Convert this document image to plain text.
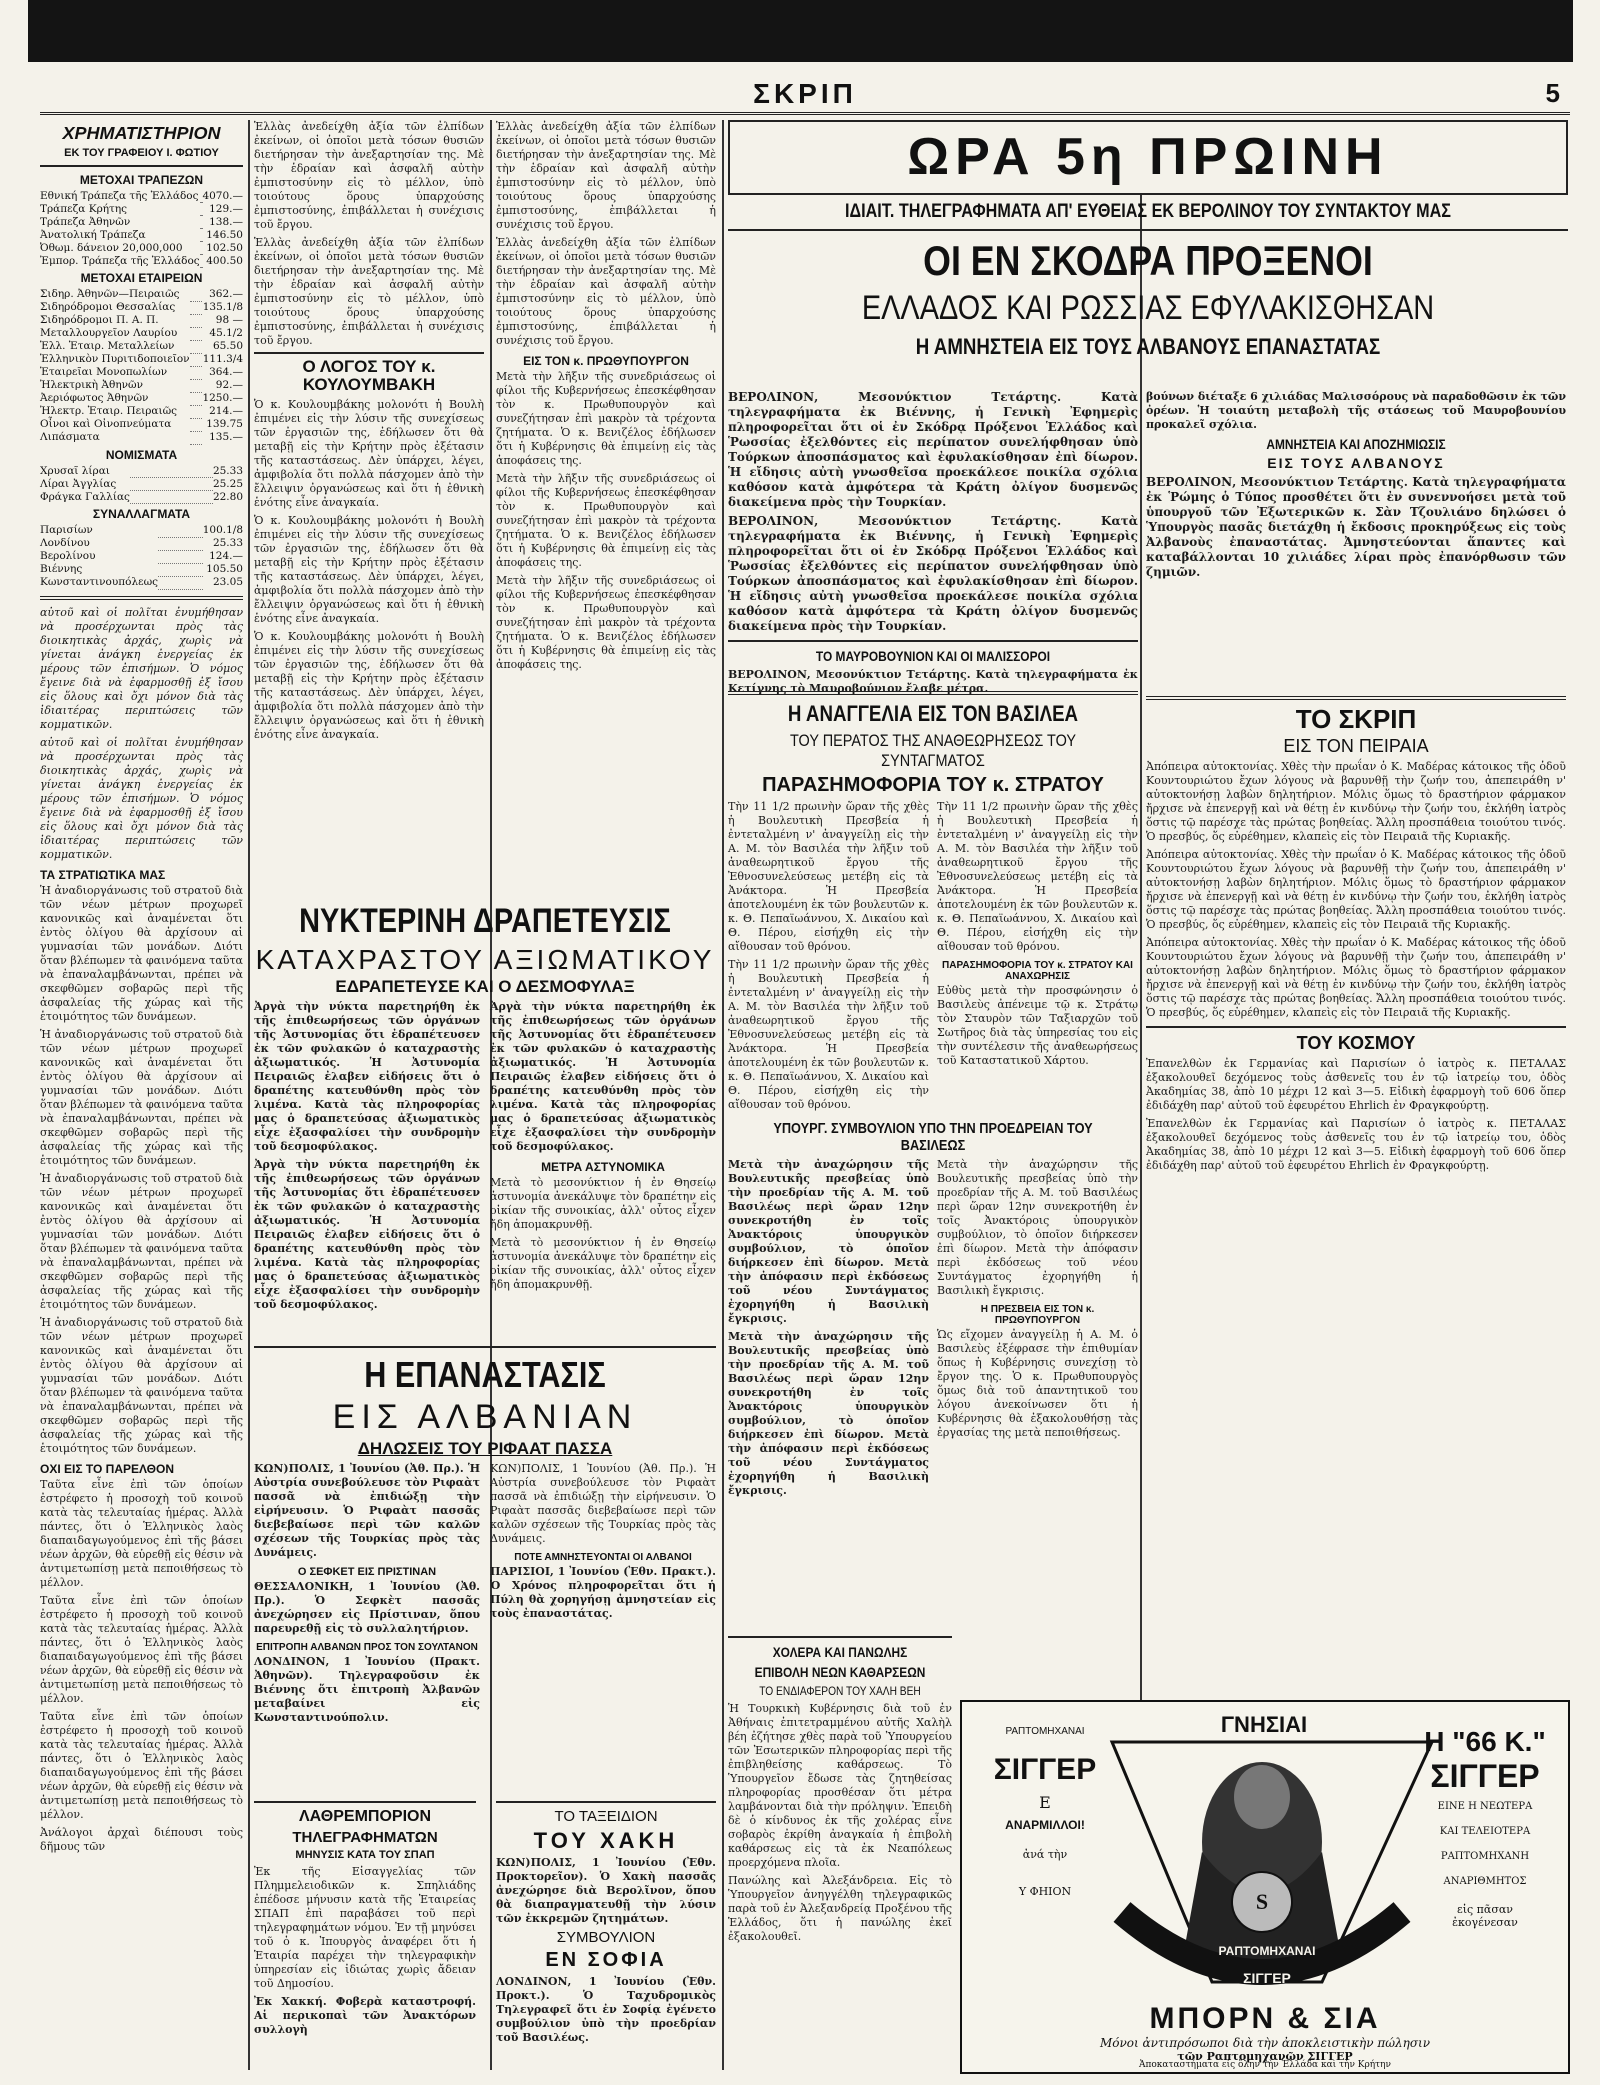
ΣΚΡΙΠ	5
ΧΡΗΜΑΤΙΣΤΗΡΙΟΝ
ΕΚ ΤΟΥ ΓΡΑΦΕΙΟΥ Ι. ΦΩΤΙΟΥ
ΜΕΤΟΧΑΙ ΤΡΑΠΕΖΩΝ
Εθνική Τράπεζα τῆς Ἑλλάδος		4070.—
Τράπεζα Κρήτης		129.—
Τράπεζα Ἀθηνῶν		138.—
Ἀνατολική Τράπεζα		146.50
Ὀθωμ. δάνειον 20,000,000		102.50
Ἐμπορ. Τράπεζα τῆς Ἑλλάδος		400.50
ΜΕΤΟΧΑΙ ΕΤΑΙΡΕΙΩΝ
Σιδηρ. Ἀθηνῶν—Πειραιῶς		362.—
Σιδηρόδρομοι Θεσσαλίας		135.1/8
Σιδηρόδρομοι Π. Α. Π.		98 —
Μεταλλουργεῖον Λαυρίου		45.1/2
Ἑλλ. Ἑταιρ. Μεταλλείων		65.50
Ἑλληνικὸν Πυριτιδοποιεῖον		111.3/4
Ἑταιρεῖαι Μονοπωλίων		364.—
Ἠλεκτρικὴ Ἀθηνῶν		92.—
Ἀεριόφωτος Ἀθηνῶν		1250.—
Ἠλεκτρ. Ἑταιρ. Πειραιῶς		214.—
Οἶνοι καὶ Οἰνοπνεύματα		139.75
Λιπάσματα		135.—
ΝΟΜΙΣΜΑΤΑ
Χρυσαῖ λίραι		25.33
Λίραι Ἀγγλίας		25.25
Φράγκα Γαλλίας		22.80
ΣΥΝΑΛΛΑΓΜΑΤΑ
Παρισίων		100.1/8
Λονδίνου		25.33
Βερολίνου		124.—
Βιέννης		105.50
Κωνσταντινουπόλεως		23.05

αὐτοῦ καὶ οἱ πολῖται ἐνυμήθησαν νὰ προσέρχωνται πρὸς τὰς διοικητικὰς ἀρχάς, χωρὶς νὰ γίνεται ἀνάγκη ἐνεργείας ἐκ μέρους τῶν ἐπισήμων. Ὁ νόμος ἔγεινε διὰ νὰ ἐφαρμοσθῇ ἐξ ἴσου εἰς ὅλους καὶ ὄχι μόνον διὰ τὰς ἰδιαιτέρας περιπτώσεις τῶν κομματικῶν.

αὐτοῦ καὶ οἱ πολῖται ἐνυμήθησαν νὰ προσέρχωνται πρὸς τὰς διοικητικὰς ἀρχάς, χωρὶς νὰ γίνεται ἀνάγκη ἐνεργείας ἐκ μέρους τῶν ἐπισήμων. Ὁ νόμος ἔγεινε διὰ νὰ ἐφαρμοσθῇ ἐξ ἴσου εἰς ὅλους καὶ ὄχι μόνον διὰ τὰς ἰδιαιτέρας περιπτώσεις τῶν κομματικῶν.

ΤΑ ΣΤΡΑΤΙΩΤΙΚΑ ΜΑΣ

Ἡ ἀναδιοργάνωσις τοῦ στρατοῦ διὰ τῶν νέων μέτρων προχωρεῖ κανονικῶς καὶ ἀναμένεται ὅτι ἐντὸς ὀλίγου θὰ ἀρχίσουν αἱ γυμνασίαι τῶν μονάδων. Διότι ὅταν βλέπωμεν τὰ φαινόμενα ταῦτα νὰ ἐπαναλαμβάνωνται, πρέπει νὰ σκεφθῶμεν σοβαρῶς περὶ τῆς ἀσφαλείας τῆς χώρας καὶ τῆς ἑτοιμότητος τῶν δυνάμεων.

Ἡ ἀναδιοργάνωσις τοῦ στρατοῦ διὰ τῶν νέων μέτρων προχωρεῖ κανονικῶς καὶ ἀναμένεται ὅτι ἐντὸς ὀλίγου θὰ ἀρχίσουν αἱ γυμνασίαι τῶν μονάδων. Διότι ὅταν βλέπωμεν τὰ φαινόμενα ταῦτα νὰ ἐπαναλαμβάνωνται, πρέπει νὰ σκεφθῶμεν σοβαρῶς περὶ τῆς ἀσφαλείας τῆς χώρας καὶ τῆς ἑτοιμότητος τῶν δυνάμεων.

Ἡ ἀναδιοργάνωσις τοῦ στρατοῦ διὰ τῶν νέων μέτρων προχωρεῖ κανονικῶς καὶ ἀναμένεται ὅτι ἐντὸς ὀλίγου θὰ ἀρχίσουν αἱ γυμνασίαι τῶν μονάδων. Διότι ὅταν βλέπωμεν τὰ φαινόμενα ταῦτα νὰ ἐπαναλαμβάνωνται, πρέπει νὰ σκεφθῶμεν σοβαρῶς περὶ τῆς ἀσφαλείας τῆς χώρας καὶ τῆς ἑτοιμότητος τῶν δυνάμεων.

Ἡ ἀναδιοργάνωσις τοῦ στρατοῦ διὰ τῶν νέων μέτρων προχωρεῖ κανονικῶς καὶ ἀναμένεται ὅτι ἐντὸς ὀλίγου θὰ ἀρχίσουν αἱ γυμνασίαι τῶν μονάδων. Διότι ὅταν βλέπωμεν τὰ φαινόμενα ταῦτα νὰ ἐπαναλαμβάνωνται, πρέπει νὰ σκεφθῶμεν σοβαρῶς περὶ τῆς ἀσφαλείας τῆς χώρας καὶ τῆς ἑτοιμότητος τῶν δυνάμεων.

ΟΧΙ ΕΙΣ ΤΟ ΠΑΡΕΛΘΟΝ

Ταῦτα εἶνε ἐπὶ τῶν ὁποίων ἐστρέφετο ἡ προσοχὴ τοῦ κοινοῦ κατὰ τὰς τελευταίας ἡμέρας. Ἀλλὰ πάντες, ὅτι ὁ Ἑλληνικὸς λαὸς διαπαιδαγωγούμενος ἐπὶ τῆς βάσει νέων ἀρχῶν, θὰ εὑρεθῇ εἰς θέσιν νὰ ἀντιμετωπίσῃ μετὰ πεποιθήσεως τὸ μέλλον.

Ταῦτα εἶνε ἐπὶ τῶν ὁποίων ἐστρέφετο ἡ προσοχὴ τοῦ κοινοῦ κατὰ τὰς τελευταίας ἡμέρας. Ἀλλὰ πάντες, ὅτι ὁ Ἑλληνικὸς λαὸς διαπαιδαγωγούμενος ἐπὶ τῆς βάσει νέων ἀρχῶν, θὰ εὑρεθῇ εἰς θέσιν νὰ ἀντιμετωπίσῃ μετὰ πεποιθήσεως τὸ μέλλον.

Ταῦτα εἶνε ἐπὶ τῶν ὁποίων ἐστρέφετο ἡ προσοχὴ τοῦ κοινοῦ κατὰ τὰς τελευταίας ἡμέρας. Ἀλλὰ πάντες, ὅτι ὁ Ἑλληνικὸς λαὸς διαπαιδαγωγούμενος ἐπὶ τῆς βάσει νέων ἀρχῶν, θὰ εὑρεθῇ εἰς θέσιν νὰ ἀντιμετωπίσῃ μετὰ πεποιθήσεως τὸ μέλλον.

Ἀνάλογοι ἀρχαὶ διέπουσι τοὺς δῆμους τῶν

Ἑλλὰς ἀνεδείχθη ἀξία τῶν ἐλπίδων ἐκείνων, οἱ ὁποῖοι μετὰ τόσων θυσιῶν διετήρησαν τὴν ἀνεξαρτησίαν της. Μὲ τὴν ἑδραίαν καὶ ἀσφαλῆ αὐτὴν ἐμπιστοσύνην εἰς τὸ μέλλον, ὑπὸ τοιούτους ὅρους ὑπαρχούσης ἐμπιστοσύνης, ἐπιβάλλεται ἡ συνέχισις τοῦ ἔργου.

Ἑλλὰς ἀνεδείχθη ἀξία τῶν ἐλπίδων ἐκείνων, οἱ ὁποῖοι μετὰ τόσων θυσιῶν διετήρησαν τὴν ἀνεξαρτησίαν της. Μὲ τὴν ἑδραίαν καὶ ἀσφαλῆ αὐτὴν ἐμπιστοσύνην εἰς τὸ μέλλον, ὑπὸ τοιούτους ὅρους ὑπαρχούσης ἐμπιστοσύνης, ἐπιβάλλεται ἡ συνέχισις τοῦ ἔργου.

Ο ΛΟΓΟΣ ΤΟΥ κ. ΚΟΥΛΟΥΜΒΑΚΗ

Ὁ κ. Κουλουμβάκης μολονότι ἡ Βουλὴ ἐπιμένει εἰς τὴν λύσιν τῆς συνεχίσεως τῶν ἐργασιῶν της, ἐδήλωσεν ὅτι θὰ μεταβῇ εἰς τὴν Κρήτην πρὸς ἐξέτασιν τῆς καταστάσεως. Δὲν ὑπάρχει, λέγει, ἀμφιβολία ὅτι πολλὰ πάσχομεν ἀπὸ τὴν ἔλλειψιν ὀργανώσεως καὶ ὅτι ἡ ἐθνικὴ ἑνότης εἶνε ἀναγκαία.

Ὁ κ. Κουλουμβάκης μολονότι ἡ Βουλὴ ἐπιμένει εἰς τὴν λύσιν τῆς συνεχίσεως τῶν ἐργασιῶν της, ἐδήλωσεν ὅτι θὰ μεταβῇ εἰς τὴν Κρήτην πρὸς ἐξέτασιν τῆς καταστάσεως. Δὲν ὑπάρχει, λέγει, ἀμφιβολία ὅτι πολλὰ πάσχομεν ἀπὸ τὴν ἔλλειψιν ὀργανώσεως καὶ ὅτι ἡ ἐθνικὴ ἑνότης εἶνε ἀναγκαία.

Ὁ κ. Κουλουμβάκης μολονότι ἡ Βουλὴ ἐπιμένει εἰς τὴν λύσιν τῆς συνεχίσεως τῶν ἐργασιῶν της, ἐδήλωσεν ὅτι θὰ μεταβῇ εἰς τὴν Κρήτην πρὸς ἐξέτασιν τῆς καταστάσεως. Δὲν ὑπάρχει, λέγει, ἀμφιβολία ὅτι πολλὰ πάσχομεν ἀπὸ τὴν ἔλλειψιν ὀργανώσεως καὶ ὅτι ἡ ἐθνικὴ ἑνότης εἶνε ἀναγκαία.

Ἑλλὰς ἀνεδείχθη ἀξία τῶν ἐλπίδων ἐκείνων, οἱ ὁποῖοι μετὰ τόσων θυσιῶν διετήρησαν τὴν ἀνεξαρτησίαν της. Μὲ τὴν ἑδραίαν καὶ ἀσφαλῆ αὐτὴν ἐμπιστοσύνην εἰς τὸ μέλλον, ὑπὸ τοιούτους ὅρους ὑπαρχούσης ἐμπιστοσύνης, ἐπιβάλλεται ἡ συνέχισις τοῦ ἔργου.

Ἑλλὰς ἀνεδείχθη ἀξία τῶν ἐλπίδων ἐκείνων, οἱ ὁποῖοι μετὰ τόσων θυσιῶν διετήρησαν τὴν ἀνεξαρτησίαν της. Μὲ τὴν ἑδραίαν καὶ ἀσφαλῆ αὐτὴν ἐμπιστοσύνην εἰς τὸ μέλλον, ὑπὸ τοιούτους ὅρους ὑπαρχούσης ἐμπιστοσύνης, ἐπιβάλλεται ἡ συνέχισις τοῦ ἔργου.

ΕΙΣ ΤΟΝ κ. ΠΡΩΘΥΠΟΥΡΓΟΝ

Μετὰ τὴν λῆξιν τῆς συνεδριάσεως οἱ φίλοι τῆς Κυβερνήσεως ἐπεσκέφθησαν τὸν κ. Πρωθυπουργὸν καὶ συνεζήτησαν ἐπὶ μακρὸν τὰ τρέχοντα ζητήματα. Ὁ κ. Βενιζέλος ἐδήλωσεν ὅτι ἡ Κυβέρνησις θὰ ἐπιμείνῃ εἰς τὰς ἀποφάσεις της.

Μετὰ τὴν λῆξιν τῆς συνεδριάσεως οἱ φίλοι τῆς Κυβερνήσεως ἐπεσκέφθησαν τὸν κ. Πρωθυπουργὸν καὶ συνεζήτησαν ἐπὶ μακρὸν τὰ τρέχοντα ζητήματα. Ὁ κ. Βενιζέλος ἐδήλωσεν ὅτι ἡ Κυβέρνησις θὰ ἐπιμείνῃ εἰς τὰς ἀποφάσεις της.

Μετὰ τὴν λῆξιν τῆς συνεδριάσεως οἱ φίλοι τῆς Κυβερνήσεως ἐπεσκέφθησαν τὸν κ. Πρωθυπουργὸν καὶ συνεζήτησαν ἐπὶ μακρὸν τὰ τρέχοντα ζητήματα. Ὁ κ. Βενιζέλος ἐδήλωσεν ὅτι ἡ Κυβέρνησις θὰ ἐπιμείνῃ εἰς τὰς ἀποφάσεις της.

ΝΥΚΤΕΡΙΝΗ ΔΡΑΠΕΤΕΥΣΙΣ
ΚΑΤΑΧΡΑΣΤΟΥ ΑΞΙΩΜΑΤΙΚΟΥ
ΕΔΡΑΠΕΤΕΥΣΕ ΚΑΙ Ο ΔΕΣΜΟΦΥΛΑΞ

Ἀργὰ τὴν νύκτα παρετηρήθη ἐκ τῆς ἐπιθεωρήσεως τῶν ὀργάνων τῆς Ἀστυνομίας ὅτι ἐδραπέτευσεν ἐκ τῶν φυλακῶν ὁ καταχραστὴς ἀξιωματικός. Ἡ Ἀστυνομία Πειραιῶς ἐλαβεν εἰδήσεις ὅτι ὁ δραπέτης κατευθύνθη πρὸς τὸν λιμένα. Κατὰ τὰς πληροφορίας μας ὁ δραπετεύσας ἀξιωματικὸς εἶχε ἐξασφαλίσει τὴν συνδρομὴν τοῦ δεσμοφύλακος.

Ἀργὰ τὴν νύκτα παρετηρήθη ἐκ τῆς ἐπιθεωρήσεως τῶν ὀργάνων τῆς Ἀστυνομίας ὅτι ἐδραπέτευσεν ἐκ τῶν φυλακῶν ὁ καταχραστὴς ἀξιωματικός. Ἡ Ἀστυνομία Πειραιῶς ἐλαβεν εἰδήσεις ὅτι ὁ δραπέτης κατευθύνθη πρὸς τὸν λιμένα. Κατὰ τὰς πληροφορίας μας ὁ δραπετεύσας ἀξιωματικὸς εἶχε ἐξασφαλίσει τὴν συνδρομὴν τοῦ δεσμοφύλακος.

Ἀργὰ τὴν νύκτα παρετηρήθη ἐκ τῆς ἐπιθεωρήσεως τῶν ὀργάνων τῆς Ἀστυνομίας ὅτι ἐδραπέτευσεν ἐκ τῶν φυλακῶν ὁ καταχραστὴς ἀξιωματικός. Ἡ Ἀστυνομία Πειραιῶς ἐλαβεν εἰδήσεις ὅτι ὁ δραπέτης κατευθύνθη πρὸς τὸν λιμένα. Κατὰ τὰς πληροφορίας μας ὁ δραπετεύσας ἀξιωματικὸς εἶχε ἐξασφαλίσει τὴν συνδρομὴν τοῦ δεσμοφύλακος.

ΜΕΤΡΑ ΑΣΤΥΝΟΜΙΚΑ

Μετὰ τὸ μεσονύκτιον ἡ ἐν Θησείῳ ἀστυνομία ἀνεκάλυψε τὸν δραπέτην εἰς οἰκίαν τῆς συνοικίας, ἀλλ' οὗτος εἶχεν ἤδη ἀπομακρυνθῇ.

Μετὰ τὸ μεσονύκτιον ἡ ἐν Θησείῳ ἀστυνομία ἀνεκάλυψε τὸν δραπέτην εἰς οἰκίαν τῆς συνοικίας, ἀλλ' οὗτος εἶχεν ἤδη ἀπομακρυνθῇ.

Η ΕΠΑΝΑΣΤΑΣΙΣ
ΕΙΣ ΑΛΒΑΝΙΑΝ
ΔΗΛΩΣΕΙΣ ΤΟΥ ΡΙΦΑΑΤ ΠΑΣΣΑ

ΚΩΝ)ΠΟΛΙΣ, 1 Ἰουνίου (Ἀθ. Πρ.). Ἡ Αὐστρία συνεβούλευσε τὸν Ριφαὰτ πασσᾶ νὰ ἐπιδιώξῃ τὴν εἰρήνευσιν. Ὁ Ριφαὰτ πασσᾶς διεβεβαίωσε περὶ τῶν καλῶν σχέσεων τῆς Τουρκίας πρὸς τὰς Δυνάμεις.

Ο ΣΕΦΚΕΤ ΕΙΣ ΠΡΙΣΤΙΝΑΝ

ΘΕΣΣΑΛΟΝΙΚΗ, 1 Ἰουνίου (Ἀθ. Πρ.). Ὁ Σεφκὲτ πασσᾶς ἀνεχώρησεν εἰς Πρίστιναν, ὅπου παρευρεθῇ εἰς τὸ συλλαλητήριον.

ΕΠΙΤΡΟΠΗ ΑΛΒΑΝΩΝ ΠΡΟΣ ΤΟΝ ΣΟΥΛΤΑΝΟΝ

ΛΟΝΔΙΝΟΝ, 1 Ἰουνίου (Πρακτ. Ἀθηνῶν). Τηλεγραφοῦσιν ἐκ Βιέννης ὅτι ἐπιτροπὴ Ἀλβανῶν μεταβαίνει εἰς Κωνσταντινούπολιν.

ΚΩΝ)ΠΟΛΙΣ, 1 Ἰουνίου (Ἀθ. Πρ.). Ἡ Αὐστρία συνεβούλευσε τὸν Ριφαὰτ πασσᾶ νὰ ἐπιδιώξῃ τὴν εἰρήνευσιν. Ὁ Ριφαὰτ πασσᾶς διεβεβαίωσε περὶ τῶν καλῶν σχέσεων τῆς Τουρκίας πρὸς τὰς Δυνάμεις.

ΠΟΤΕ ΑΜΝΗΣΤΕΥΟΝΤΑΙ ΟΙ ΑΛΒΑΝΟΙ

ΠΑΡΙΣΙΟΙ, 1 Ἰουνίου (Ἐθν. Πρακτ.). Ὁ Χρόνος πληροφορεῖται ὅτι ἡ Πύλη θὰ χορηγήσῃ ἀμνηστείαν εἰς τοὺς ἐπαναστάτας.

ΛΑΘΡΕΜΠΟΡΙΟΝ
ΤΗΛΕΓΡΑΦΗΜΑΤΩΝ
ΜΗΝΥΣΙΣ ΚΑΤΑ ΤΟΥ ΣΠΑΠ

Ἐκ τῆς Εἰσαγγελίας τῶν Πλημμελειοδικῶν κ. Σπηλιάδης ἐπέδοσε μήνυσιν κατὰ τῆς Ἑταιρείας ΣΠΑΠ ἐπὶ παραβάσει τοῦ περὶ τηλεγραφημάτων νόμου. Ἐν τῇ μηνύσει τοῦ ὁ κ. Ἰπουργὸς ἀναφέρει ὅτι ἡ Ἑταιρία παρέχει τὴν τηλεγραφικὴν ὑπηρεσίαν εἰς ἰδιώτας χωρὶς ἄδειαν τοῦ Δημοσίου.

Ἐκ Χακκή. Φοβερὰ καταστροφή. Αἱ περικοπαὶ τῶν Ἀνακτόρων συλλογὴ

ΤΟ ΤΑΞΕΙΔΙΟΝ
ΤΟΥ ΧΑΚΗ

ΚΩΝ)ΠΟΛΙΣ, 1 Ἰουνίου (Ἐθν. Προκτορεῖον). Ὁ Χακὴ πασσᾶς ἀνεχώρησε διὰ Βερολῖνον, ὅπου θὰ διαπραγματευθῇ τὴν λύσιν τῶν ἐκκρεμῶν ζητημάτων.

ΣΥΜΒΟΥΛΙΟΝ
ΕΝ ΣΟΦΙΑ

ΛΟΝΔΙΝΟΝ, 1 Ἰουνίου (Ἐθν. Προκτ.). Ὁ Ταχυδρομικὸς Τηλεγραφεῖ ὅτι ἐν Σοφίᾳ ἐγένετο συμβούλιον ὑπὸ τὴν προεδρίαν τοῦ Βασιλέως.

ΩΡΑ 5η ΠΡΩΙΝΗ
ΙΔΙΑΙΤ. ΤΗΛΕΓΡΑΦΗΜΑΤΑ ΑΠ' ΕΥΘΕΙΑΣ ΕΚ ΒΕΡΟΛΙΝΟΥ ΤΟΥ ΣΥΝΤΑΚΤΟΥ ΜΑΣ
ΟΙ ΕΝ ΣΚΟΔΡΑ ΠΡΟΞΕΝΟΙ
ΕΛΛΑΔΟΣ ΚΑΙ ΡΩΣΣΙΑΣ ΕΦΥΛΑΚΙΣΘΗΣΑΝ
Η ΑΜΝΗΣΤΕΙΑ ΕΙΣ ΤΟΥΣ ΑΛΒΑΝΟΥΣ ΕΠΑΝΑΣΤΑΤΑΣ

ΒΕΡΟΛΙΝΟΝ, Μεσονύκτιον Τετάρτης. Κατὰ τηλεγραφήματα ἐκ Βιέννης, ἡ Γενικὴ Ἐφημερὶς πληροφορεῖται ὅτι οἱ ἐν Σκόδρᾳ Πρόξενοι Ἑλλάδος καὶ Ῥωσσίας ἐξελθόντες εἰς περίπατον συνελήφθησαν ὑπὸ Τούρκων ἀποσπάσματος καὶ ἐφυλακίσθησαν ἐπὶ δίωρον. Ἡ εἴδησις αὐτὴ γνωσθεῖσα προεκάλεσε ποικίλα σχόλια καθόσον κατὰ ἀμφότερα τὰ Κράτη ὀλίγον δυσμενῶς διακείμενα πρὸς τὴν Τουρκίαν.

ΒΕΡΟΛΙΝΟΝ, Μεσονύκτιον Τετάρτης. Κατὰ τηλεγραφήματα ἐκ Βιέννης, ἡ Γενικὴ Ἐφημερὶς πληροφορεῖται ὅτι οἱ ἐν Σκόδρᾳ Πρόξενοι Ἑλλάδος καὶ Ῥωσσίας ἐξελθόντες εἰς περίπατον συνελήφθησαν ὑπὸ Τούρκων ἀποσπάσματος καὶ ἐφυλακίσθησαν ἐπὶ δίωρον. Ἡ εἴδησις αὐτὴ γνωσθεῖσα προεκάλεσε ποικίλα σχόλια καθόσον κατὰ ἀμφότερα τὰ Κράτη ὀλίγον δυσμενῶς διακείμενα πρὸς τὴν Τουρκίαν.

ΤΟ ΜΑΥΡΟΒΟΥΝΙΟΝ ΚΑΙ ΟΙ ΜΑΛΙΣΣΟΡΟΙ

ΒΕΡΟΛΙΝΟΝ, Μεσονύκτιον Τετάρτης. Κατὰ τηλεγραφήματα ἐκ Κετίγνης τὸ Μαυροβούνιον ἔλαβε μέτρα.

βούνων διέταξε 6 χιλιάδας Μαλισσόρους νὰ παραδοθῶσιν ἐκ τῶν ὀρέων. Ἡ τοιαύτη μεταβολὴ τῆς στάσεως τοῦ Μαυροβουνίου προκαλεῖ σχόλια.

ΑΜΝΗΣΤΕΙΑ ΚΑΙ ΑΠΟΖΗΜΙΩΣΙΣ
ΕΙΣ ΤΟΥΣ ΑΛΒΑΝΟΥΣ

ΒΕΡΟΛΙΝΟΝ, Μεσονύκτιον Τετάρτης. Κατὰ τηλεγραφήματα ἐκ Ῥώμης ὁ Τύπος προσθέτει ὅτι ἐν συνεννοήσει μετὰ τοῦ ὑπουργοῦ τῶν Ἐξωτερικῶν κ. Σὰν Τζουλιάνο δηλώσει ὁ Ὑπουργὸς πασᾶς διετάχθη ἡ ἔκδοσις προκηρύξεως εἰς τοὺς Ἀλβανοὺς ἐπαναστάτας. Ἀμνηστεύονται ἅπαντες καὶ καταβάλλονται 10 χιλιάδες λίραι πρὸς ἐπανόρθωσιν τῶν ζημιῶν.

Η ΑΝΑΓΓΕΛΙΑ ΕΙΣ ΤΟΝ ΒΑΣΙΛΕΑ
ΤΟΥ ΠΕΡΑΤΟΣ ΤΗΣ ΑΝΑΘΕΩΡΗΣΕΩΣ ΤΟΥ ΣΥΝΤΑΓΜΑΤΟΣ
ΠΑΡΑΣΗΜΟΦΟΡΙΑ ΤΟΥ κ. ΣΤΡΑΤΟΥ

Τὴν 11 1/2 πρωινὴν ὥραν τῆς χθὲς ἡ Βουλευτικὴ Πρεσβεία ἡ ἐντεταλμένη ν' ἀναγγείλῃ εἰς τὴν Α. Μ. τὸν Βασιλέα τὴν λῆξιν τοῦ ἀναθεωρητικοῦ ἔργου τῆς Ἐθνοσυνελεύσεως μετέβη εἰς τὰ Ἀνάκτορα. Ἡ Πρεσβεία ἀποτελουμένη ἐκ τῶν βουλευτῶν κ. κ. Θ. Πεπαϊωάννου, Χ. Δικαίου καὶ Θ. Πέρου, εἰσήχθη εἰς τὴν αἴθουσαν τοῦ θρόνου.

Τὴν 11 1/2 πρωινὴν ὥραν τῆς χθὲς ἡ Βουλευτικὴ Πρεσβεία ἡ ἐντεταλμένη ν' ἀναγγείλῃ εἰς τὴν Α. Μ. τὸν Βασιλέα τὴν λῆξιν τοῦ ἀναθεωρητικοῦ ἔργου τῆς Ἐθνοσυνελεύσεως μετέβη εἰς τὰ Ἀνάκτορα. Ἡ Πρεσβεία ἀποτελουμένη ἐκ τῶν βουλευτῶν κ. κ. Θ. Πεπαϊωάννου, Χ. Δικαίου καὶ Θ. Πέρου, εἰσήχθη εἰς τὴν αἴθουσαν τοῦ θρόνου.

Τὴν 11 1/2 πρωινὴν ὥραν τῆς χθὲς ἡ Βουλευτικὴ Πρεσβεία ἡ ἐντεταλμένη ν' ἀναγγείλῃ εἰς τὴν Α. Μ. τὸν Βασιλέα τὴν λῆξιν τοῦ ἀναθεωρητικοῦ ἔργου τῆς Ἐθνοσυνελεύσεως μετέβη εἰς τὰ Ἀνάκτορα. Ἡ Πρεσβεία ἀποτελουμένη ἐκ τῶν βουλευτῶν κ. κ. Θ. Πεπαϊωάννου, Χ. Δικαίου καὶ Θ. Πέρου, εἰσήχθη εἰς τὴν αἴθουσαν τοῦ θρόνου.

ΠΑΡΑΣΗΜΟΦΟΡΙΑ ΤΟΥ κ. ΣΤΡΑΤΟΥ ΚΑΙ ΑΝΑΧΩΡΗΣΙΣ

Εὐθὺς μετὰ τὴν προσφώνησιν ὁ Βασιλεὺς ἀπένειμε τῷ κ. Στράτῳ τὸν Σταυρὸν τῶν Ταξιαρχῶν τοῦ Σωτῆρος διὰ τὰς ὑπηρεσίας του εἰς τὴν συντέλεσιν τῆς ἀναθεωρήσεως τοῦ Καταστατικοῦ Χάρτου.

ΥΠΟΥΡΓ. ΣΥΜΒΟΥΛΙΟΝ ΥΠΟ ΤΗΝ ΠΡΟΕΔΡΕΙΑΝ ΤΟΥ ΒΑΣΙΛΕΩΣ

Μετὰ τὴν ἀναχώρησιν τῆς Βουλευτικῆς πρεσβείας ὑπὸ τὴν προεδρίαν τῆς Α. Μ. τοῦ Βασιλέως περὶ ὥραν 12ην συνεκροτήθη ἐν τοῖς Ἀνακτόροις ὑπουργικὸν συμβούλιον, τὸ ὁποῖον διήρκεσεν ἐπὶ δίωρον. Μετὰ τὴν ἀπόφασιν περὶ ἐκδόσεως τοῦ νέου Συντάγματος ἐχορηγήθη ἡ Βασιλικὴ ἔγκρισις.

Μετὰ τὴν ἀναχώρησιν τῆς Βουλευτικῆς πρεσβείας ὑπὸ τὴν προεδρίαν τῆς Α. Μ. τοῦ Βασιλέως περὶ ὥραν 12ην συνεκροτήθη ἐν τοῖς Ἀνακτόροις ὑπουργικὸν συμβούλιον, τὸ ὁποῖον διήρκεσεν ἐπὶ δίωρον. Μετὰ τὴν ἀπόφασιν περὶ ἐκδόσεως τοῦ νέου Συντάγματος ἐχορηγήθη ἡ Βασιλικὴ ἔγκρισις.

Μετὰ τὴν ἀναχώρησιν τῆς Βουλευτικῆς πρεσβείας ὑπὸ τὴν προεδρίαν τῆς Α. Μ. τοῦ Βασιλέως περὶ ὥραν 12ην συνεκροτήθη ἐν τοῖς Ἀνακτόροις ὑπουργικὸν συμβούλιον, τὸ ὁποῖον διήρκεσεν ἐπὶ δίωρον. Μετὰ τὴν ἀπόφασιν περὶ ἐκδόσεως τοῦ νέου Συντάγματος ἐχορηγήθη ἡ Βασιλικὴ ἔγκρισις.

Η ΠΡΕΣΒΕΙΑ ΕΙΣ ΤΟΝ κ. ΠΡΩΘΥΠΟΥΡΓΟΝ

Ὡς εἴχομεν ἀναγγείλῃ ἡ Α. Μ. ὁ Βασιλεὺς ἐξέφρασε τὴν ἐπιθυμίαν ὅπως ἡ Κυβέρνησις συνεχίσῃ τὸ ἔργον της. Ὁ κ. Πρωθυπουργὸς ὅμως διὰ τοῦ ἀπαντητικοῦ του λόγου ἀνεκοίνωσεν ὅτι ἡ Κυβέρνησις θὰ ἐξακολουθήσῃ τὰς ἐργασίας της μετὰ πεποιθήσεως.

ΧΟΛΕΡΑ ΚΑΙ ΠΑΝΩΛΗΣ
ΕΠΙΒΟΛΗ ΝΕΩΝ ΚΑΘΑΡΣΕΩΝ
ΤΟ ΕΝΔΙΑΦΕΡΟΝ ΤΟΥ ΧΑΛΗ ΒΕΗ

Ἡ Τουρκικὴ Κυβέρνησις διὰ τοῦ ἐν Ἀθήναις ἐπιτετραμμένου αὐτῆς Χαλὴλ βέη ἐζήτησε χθὲς παρὰ τοῦ Ὑπουργείου τῶν Ἐσωτερικῶν πληροφορίας περὶ τῆς ἐπιβληθείσης καθάρσεως. Τὸ Ὑπουργεῖον ἔδωσε τὰς ζητηθείσας πληροφορίας προσθέσαν ὅτι μέτρα λαμβάνονται διὰ τὴν πρόληψιν. Ἐπειδὴ δὲ ὁ κίνδυνος ἐκ τῆς χολέρας εἶνε σοβαρὸς ἐκρίθη ἀναγκαία ἡ ἐπιβολὴ καθάρσεως εἰς τὰ ἐκ Νεαπόλεως προερχόμενα πλοῖα.

Πανώλης καὶ Ἀλεξάνδρεια. Εἰς τὸ Ὑπουργεῖον ἀνηγγέλθη τηλεγραφικῶς παρὰ τοῦ ἐν Ἀλεξανδρείᾳ Προξένου τῆς Ἑλλάδος, ὅτι ἡ πανώλης ἐκεῖ ἐξακολουθεῖ.

ΤΟ ΣΚΡΙΠ
ΕΙΣ ΤΟΝ ΠΕΙΡΑΙΑ

Ἀπόπειρα αὐτοκτονίας. Χθὲς τὴν πρωΐαν ὁ Κ. Μαδέρας κάτοικος τῆς ὁδοῦ Κουντουριώτου ἔχων λόγους νὰ βαρυνθῇ τὴν ζωήν του, ἀπεπειράθη ν' αὐτοκτονήσῃ λαβὼν δηλητήριον. Μόλις ὅμως τὸ δραστήριον φάρμακον ἤρχισε νὰ ἐπενεργῇ καὶ νὰ θέτῃ ἐν κινδύνῳ τὴν ζωήν του, ἐκλήθη ἰατρὸς ὅστις τῷ παρέσχε τὰς πρώτας βοηθείας. Ἄλλη προσπάθεια τοιούτου τινός. Ὁ πρεσβύς, ὅς εὑρέθημεν, κλαπεὶς εἰς τὸν Πειραιᾶ τῆς Κυριακῆς.

Ἀπόπειρα αὐτοκτονίας. Χθὲς τὴν πρωΐαν ὁ Κ. Μαδέρας κάτοικος τῆς ὁδοῦ Κουντουριώτου ἔχων λόγους νὰ βαρυνθῇ τὴν ζωήν του, ἀπεπειράθη ν' αὐτοκτονήσῃ λαβὼν δηλητήριον. Μόλις ὅμως τὸ δραστήριον φάρμακον ἤρχισε νὰ ἐπενεργῇ καὶ νὰ θέτῃ ἐν κινδύνῳ τὴν ζωήν του, ἐκλήθη ἰατρὸς ὅστις τῷ παρέσχε τὰς πρώτας βοηθείας. Ἄλλη προσπάθεια τοιούτου τινός. Ὁ πρεσβύς, ὅς εὑρέθημεν, κλαπεὶς εἰς τὸν Πειραιᾶ τῆς Κυριακῆς.

Ἀπόπειρα αὐτοκτονίας. Χθὲς τὴν πρωΐαν ὁ Κ. Μαδέρας κάτοικος τῆς ὁδοῦ Κουντουριώτου ἔχων λόγους νὰ βαρυνθῇ τὴν ζωήν του, ἀπεπειράθη ν' αὐτοκτονήσῃ λαβὼν δηλητήριον. Μόλις ὅμως τὸ δραστήριον φάρμακον ἤρχισε νὰ ἐπενεργῇ καὶ νὰ θέτῃ ἐν κινδύνῳ τὴν ζωήν του, ἐκλήθη ἰατρὸς ὅστις τῷ παρέσχε τὰς πρώτας βοηθείας. Ἄλλη προσπάθεια τοιούτου τινός. Ὁ πρεσβύς, ὅς εὑρέθημεν, κλαπεὶς εἰς τὸν Πειραιᾶ τῆς Κυριακῆς.

ΤΟΥ ΚΟΣΜΟΥ

Ἐπανελθὼν ἐκ Γερμανίας καὶ Παρισίων ὁ ἰατρὸς κ. ΠΕΤΑΛΑΣ ἐξακολουθεῖ δεχόμενος τοὺς ἀσθενεῖς του ἐν τῷ ἰατρείῳ του, ὁδὸς Ἀκαδημίας 38, ἀπὸ 10 μέχρι 12 καὶ 3—5. Εἰδικὴ ἐφαρμογὴ τοῦ 606 ὅπερ ἐδιδάχθη παρ' αὐτοῦ τοῦ ἐφευρέτου Ehrlich ἐν Φραγκφούρτῃ.

Ἐπανελθὼν ἐκ Γερμανίας καὶ Παρισίων ὁ ἰατρὸς κ. ΠΕΤΑΛΑΣ ἐξακολουθεῖ δεχόμενος τοὺς ἀσθενεῖς του ἐν τῷ ἰατρείῳ του, ὁδὸς Ἀκαδημίας 38, ἀπὸ 10 μέχρι 12 καὶ 3—5. Εἰδικὴ ἐφαρμογὴ τοῦ 606 ὅπερ ἐδιδάχθη παρ' αὐτοῦ τοῦ ἐφευρέτου Ehrlich ἐν Φραγκφούρτῃ.

S
ΓΝΗΣΙΑΙ
ΡΑΠΤΟΜΗΧΑΝΑΙ
ΣΙΓΓΕΡ
Ε
ΑΝΑΡΜΙΛΛΟΙ!
ἀνά τὴν
Υ ΦΗΙΟΝ
ΡΑΠΤΟΜΗΧΑΝΑΙ
ΣΙΓΓΕΡ
Η "66 Κ."
ΣΙΓΓΕΡ
ΕΙΝΕ Η ΝΕΩΤΕΡΑ
ΚΑΙ ΤΕΛΕΙΟΤΕΡΑ
ΡΑΠΤΟΜΗΧΑΝΗ
ΑΝΑΡΙΘΜΗΤΟΣ
εἰς πᾶσαν
ἐκογένεσαν
ΜΠΟΡΝ & ΣΙΑ
Μόνοι ἀντιπρόσωποι διὰ τὴν ἀποκλειστικὴν πώλησιν
τῶν Ραπτομηχανῶν ΣΙΓΓΕΡ
Ἀποκαταστήματα εἰς ὅλην τὴν Ἑλλάδα καὶ τὴν Κρήτην
